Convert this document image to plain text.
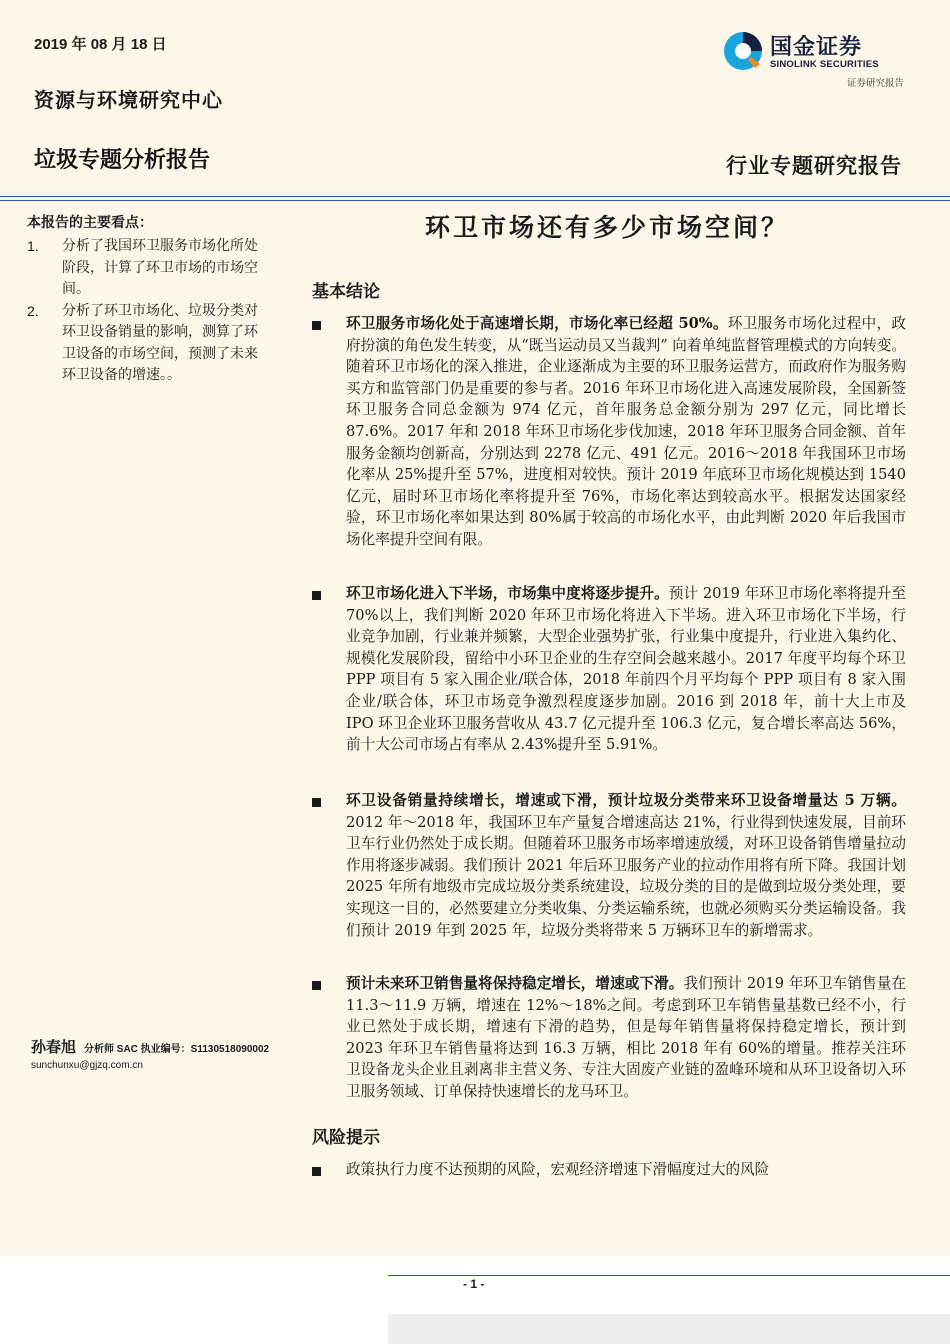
2019 年 08 月 18 日
资源与环境研究中心
垃圾专题分析报告	行业专题研究报告
国金证券
SINOLINK SECURITIES
证券研究报告
本报告的主要看点：
1. 分析了我国环卫服务市场化所处阶段，计算了环卫市场的市场空间。
2. 分析了环卫市场化、垃圾分类对环卫设备销量的影响，测算了环卫设备的市场空间，预测了未来环卫设备的增速。。
孙春旭 分析师 SAC 执业编号：S1130518090002
sunchunxu@gjzq.com.cn
环卫市场还有多少市场空间？
基本结论
环卫服务市场化处于高速增长期，市场化率已经超 50%。环卫服务市场化过程中，政府扮演的角色发生转变，从“既当运动员又当裁判” 向着单纯监督管理模式的方向转变。随着环卫市场化的深入推进，企业逐渐成为主要的环卫服务运营方，而政府作为服务购买方和监管部门仍是重要的参与者。2016 年环卫市场化进入高速发展阶段，全国新签环卫服务合同总金额为 974 亿元，首年服务总金额分别为 297 亿元，同比增长 87.6%。2017 年和 2018 年环卫市场化步伐加速，2018 年环卫服务合同金额、首年服务金额均创新高，分别达到 2278 亿元、491 亿元。2016～2018 年我国环卫市场化率从 25%提升至 57%，进度相对较快。预计 2019 年底环卫市场化规模达到 1540 亿元，届时环卫市场化率将提升至 76%，市场化率达到较高水平。根据发达国家经验，环卫市场化率如果达到 80%属于较高的市场化水平，由此判断 2020 年后我国市场化率提升空间有限。
环卫市场化进入下半场，市场集中度将逐步提升。预计 2019 年环卫市场化率将提升至 70%以上，我们判断 2020 年环卫市场化将进入下半场。进入环卫市场化下半场，行业竞争加剧，行业兼并频繁，大型企业强势扩张，行业集中度提升，行业进入集约化、规模化发展阶段，留给中小环卫企业的生存空间会越来越小。2017 年度平均每个环卫 PPP 项目有 5 家入围企业/联合体，2018 年前四个月平均每个 PPP 项目有 8 家入围企业/联合体，环卫市场竞争激烈程度逐步加剧。2016 到 2018 年，前十大上市及 IPO 环卫企业环卫服务营收从 43.7 亿元提升至 106.3 亿元，复合增长率高达 56%，前十大公司市场占有率从 2.43%提升至 5.91%。
环卫设备销量持续增长，增速或下滑，预计垃圾分类带来环卫设备增量达 5 万辆。2012 年～2018 年，我国环卫车产量复合增速高达 21%，行业得到快速发展，目前环卫车行业仍然处于成长期。但随着环卫服务市场率增速放缓，对环卫设备销售增量拉动作用将逐步减弱。我们预计 2021 年后环卫服务产业的拉动作用将有所下降。我国计划 2025 年所有地级市完成垃圾分类系统建设，垃圾分类的目的是做到垃圾分类处理，要实现这一目的，必然要建立分类收集、分类运输系统，也就必须购买分类运输设备。我们预计 2019 年到 2025 年，垃圾分类将带来 5 万辆环卫车的新增需求。
预计未来环卫销售量将保持稳定增长，增速或下滑。我们预计 2019 年环卫车销售量在 11.3～11.9 万辆，增速在 12%～18%之间。考虑到环卫车销售量基数已经不小，行业已然处于成长期，增速有下滑的趋势，但是每年销售量将保持稳定增长，预计到 2023 年环卫车销售量将达到 16.3 万辆，相比 2018 年有 60%的增量。推荐关注环卫设备龙头企业且剥离非主营义务、专注大固废产业链的盈峰环境和从环卫设备切入环卫服务领域、订单保持快速增长的龙马环卫。
风险提示
政策执行力度不达预期的风险，宏观经济增速下滑幅度过大的风险
- 1 -
